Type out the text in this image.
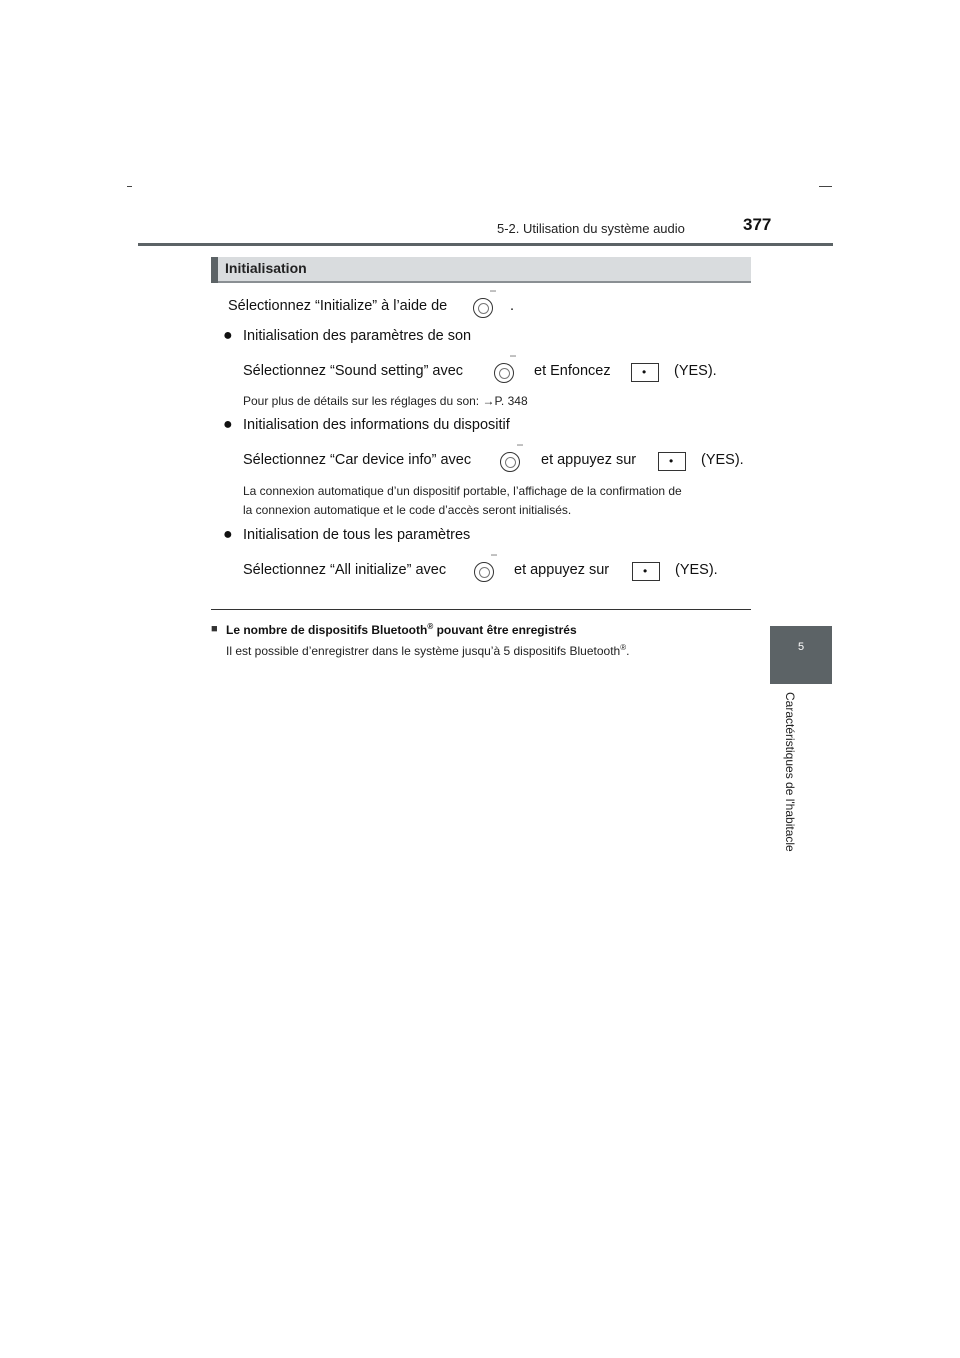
5-2. Utilisation du système audio	377
5
Caractéristiques de l'habitacle
Initialisation
Sélectionnez “Initialize” à l’aide de
°°°
.
● Initialisation des paramètres de son
Sélectionnez “Sound setting” avec
°°°
et Enfoncez	• (YES).
Pour plus de détails sur les réglages du son: →P. 348
● Initialisation des informations du dispositif
Sélectionnez “Car device info” avec
°°°
et appuyez sur	• (YES).
La connexion automatique d’un dispositif portable, l’affichage de la confirmation de
la connexion automatique et le code d’accès seront initialisés.
● Initialisation de tous les paramètres
Sélectionnez “All initialize” avec
°°°
et appuyez sur	• (YES).
■ Le nombre de dispositifs Bluetooth® pouvant être enregistrés
Il est possible d’enregistrer dans le système jusqu’à 5 dispositifs Bluetooth®.
